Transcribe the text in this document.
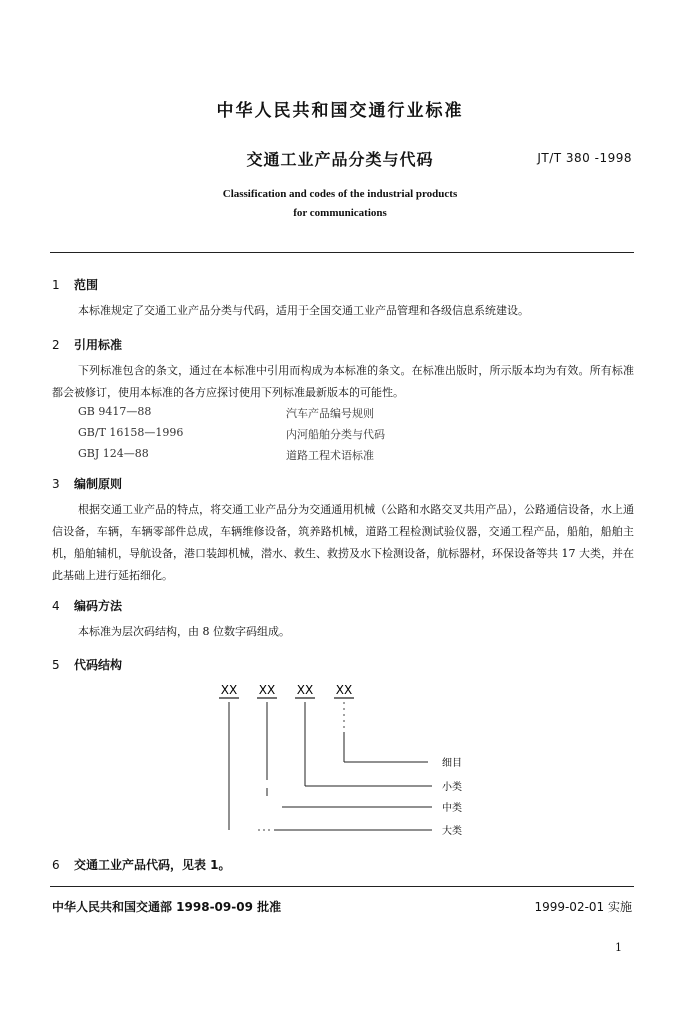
中华人民共和国交通行业标准
交通工业产品分类与代码	JT/T 380 -1998
Classification and codes of the industrial products
for communications
1 范围
本标准规定了交通工业产品分类与代码，适用于全国交通工业产品管理和各级信息系统建设。
2 引用标准
下列标准包含的条文，通过在本标准中引用而构成为本标准的条文。在标准出版时，所示版本均为有效。所有标准都会被修订，使用本标准的各方应探讨使用下列标准最新版本的可能性。
GB 9417—88	汽车产品编号规则
GB/T 16158—1996	内河船舶分类与代码
GBJ 124—88	道路工程术语标准
3 编制原则
根据交通工业产品的特点，将交通工业产品分为交通通用机械（公路和水路交叉共用产品），公路通信设备，水上通信设备，车辆，车辆零部件总成，车辆维修设备，筑养路机械，道路工程检测试验仪器，交通工程产品，船舶，船舶主机，船舶辅机，导航设备，港口装卸机械，潜水、救生、救捞及水下检测设备，航标器材，环保设备等共 17 大类，并在此基础上进行延拓细化。
4 编码方法
本标准为层次码结构，由 8 位数字码组成。
5 代码结构
XX XX XX XX
细目
小类
中类
大类
6 交通工业产品代码，见表 1。
中华人民共和国交通部 1998-09-09 批准	1999-02-01 实施
1
